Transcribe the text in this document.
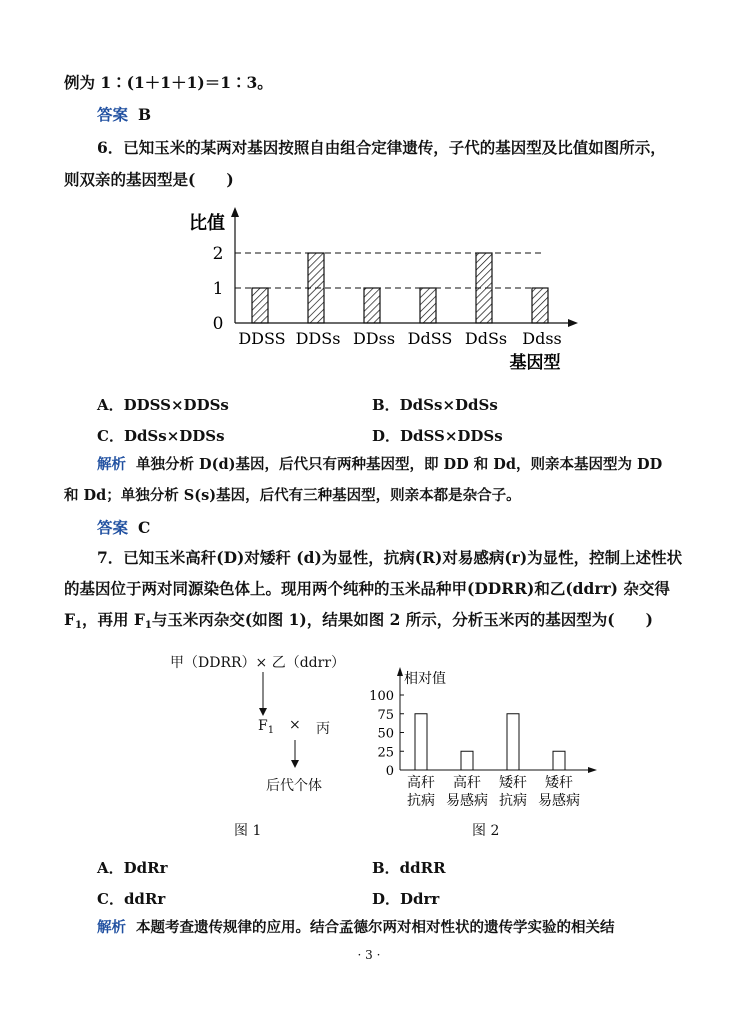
例为 1∶(1＋1＋1)＝1∶3。
答案 B
6．已知玉米的某两对基因按照自由组合定律遗传，子代的基因型及比值如图所示，
则双亲的基因型是(　　)
比值
0
1
2
DDSS DDSs DDss DdSS DdSs Ddss
基因型
A．DDSS×DDSs	B．DdSs×DdSs
C．DdSs×DDSs	D．DdSS×DDSs
解析 单独分析 D(d)基因，后代只有两种基因型，即 DD 和 Dd，则亲本基因型为 DD
和 Dd；单独分析 S(s)基因，后代有三种基因型，则亲本都是杂合子。
答案 C
7．已知玉米高秆(D)对矮秆 (d)为显性，抗病(R)对易感病(r)为显性，控制上述性状
的基因位于两对同源染色体上。现用两个纯种的玉米品种甲(DDRR)和乙(ddrr) 杂交得
$F_1$，再用 $F_1$与玉米丙杂交(如图 1)，结果如图 2 所示，分析玉米丙的基因型为(　　)
甲（DDRR）× 乙（ddrr）
$F_1$ × 丙
后代个体
图 1
相对值
0
25
50
75
100
高秆
抗病
高秆
易感病
矮秆
抗病
矮秆
易感病
图 2
A．DdRr	B．ddRR
C．ddRr	D．Ddrr
解析 本题考查遗传规律的应用。结合孟德尔两对相对性状的遗传学实验的相关结
· 3 ·
